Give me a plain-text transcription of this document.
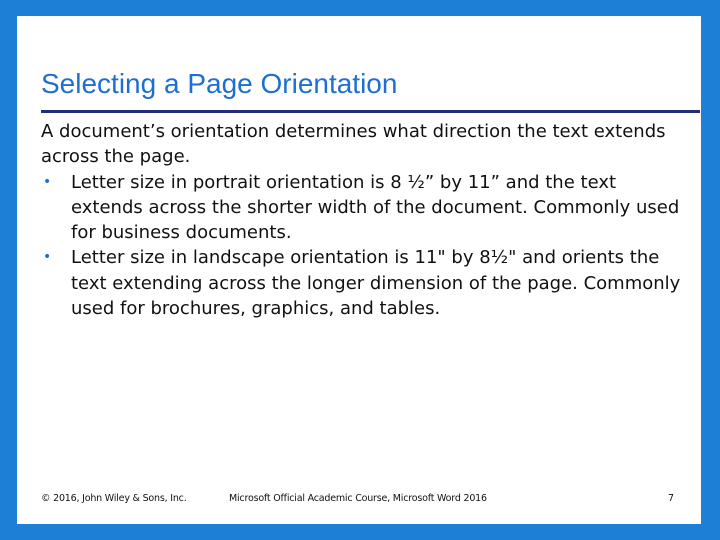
Selecting a Page Orientation

A document’s orientation determines what direction the text extends across the page.

• Letter size in portrait orientation is 8 ½” by 11” and the text extends across the shorter width of the document. Commonly used for business documents.
• Letter size in landscape orientation is 11" by 8½" and orients the text extending across the longer dimension of the page. Commonly used for brochures, graphics, and tables.
© 2016, John Wiley & Sons, Inc.	Microsoft Official Academic Course, Microsoft Word 2016	7
